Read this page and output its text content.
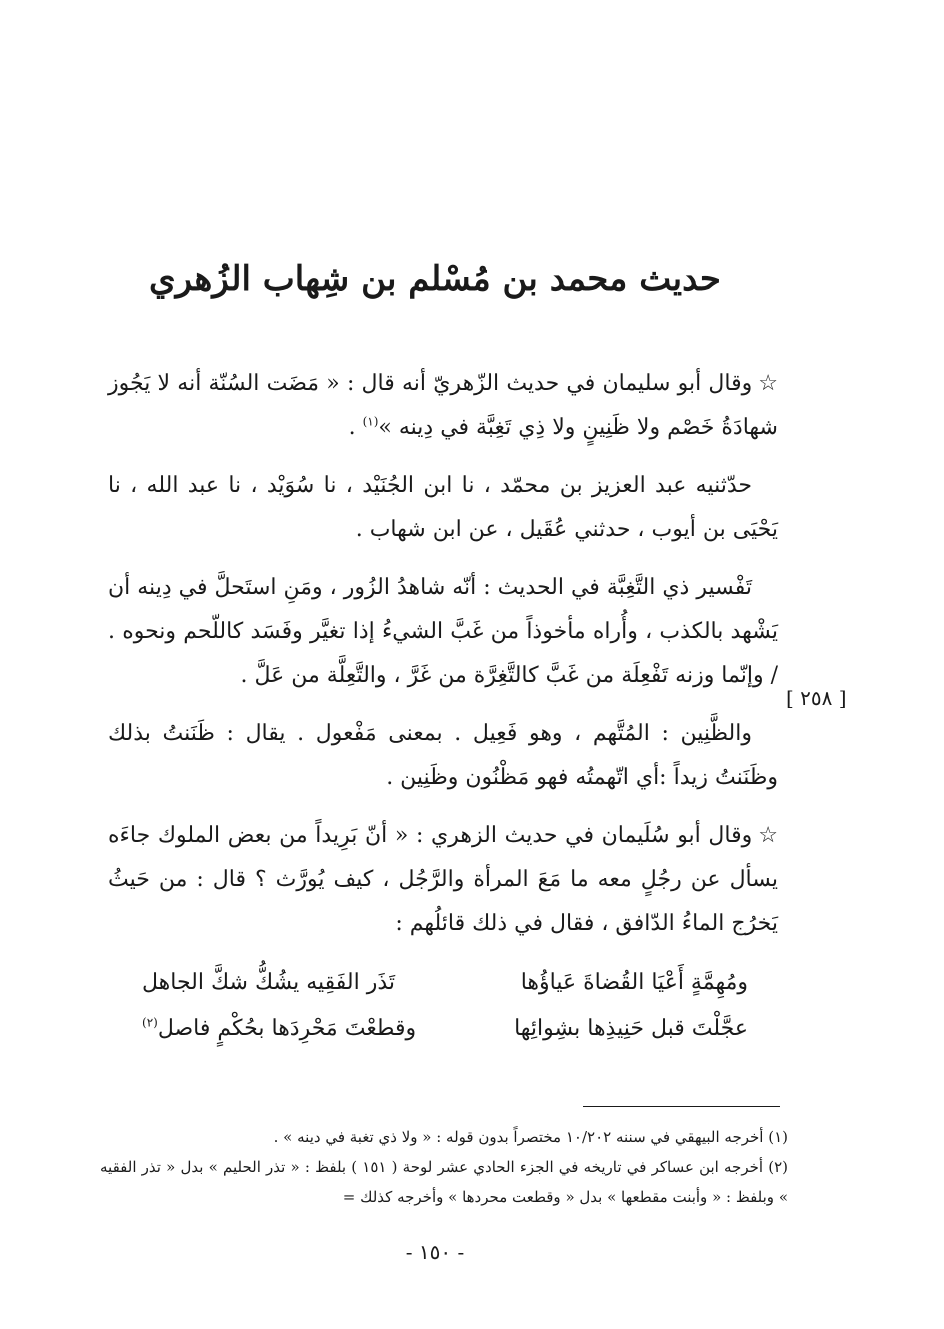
حديث محمد بن مُسْلم بن شِهاب الزُهري
[ ٢٥٨ ]

☆وقال أبو سليمان في حديث الزّهريّ أنه قال : « مَضَت السُنّة أنه لا يَجُوز شهادَةُ خَصْم ولا ظَنِينٍ ولا ذِي تَغِبَّة في دِينه »$^{(١)}$ .

حدّثنيه عبد العزيز بن محمّد ، نا ابن الجُنَيْد ، نا سُوَيْد ، نا عبد الله ، نا يَحْيَى بن أيوب ، حدثني عُقَيل ، عن ابن شهاب .

تَفْسير ذي التَّغِبَّة في الحديث : أنّه شاهدُ الزُور ، ومَنِ استَحلَّ في دِينه أن يَشْهد بالكذب ، وأُراه مأخوذاً من غَبَّ الشيءُ إذا تغيَّر وفَسَد كاللّحم ونحوه . / وإنّما وزنه تَفْعِلَة من غَبَّ كالتَّغِرَّة من غَرَّ ، والتَّعِلَّة من عَلَّ .

والظَّنِين : المُتَّهم ، وهو فَعِيل . بمعنى مَفْعول . يقال : ظَنَنتُ بذلك وظَنَنتُ زيداً :أي اتّهمتُه فهو مَظْنُون وظَنِين .

☆وقال أبو سُلَيمان في حديث الزهري : « أنّ بَرِيداً من بعض الملوك جاءَه يسأل عن رجُلٍ معه ما مَعَ المرأة والرَّجُل ، كيف يُورَّث ؟ قال : من حَيثُ يَخرُج الماءُ الدّافق ، فقال في ذلك قائلُهم :

ومُهِمَّةٍ أَعْيَا القُضاةَ عَياؤُها
تَذَر الفَقِيه يشُكُّ شكَّ الجاهل
عجَّلْتَ قبل حَنِيذِها بشِوائِها
وقطعْتَ مَحْرِدَها بحُكْمٍ فاصل$^{(٢)}$

(١) أخرجه البيهقي في سننه ١٠/٢٠٢ مختصراً بدون قوله : « ولا ذي تغبة في دينه » .

(٢) أخرجه ابن عساكر في تاريخه في الجزء الحادي عشر لوحة ( ١٥١ ) بلفظ : « تذر الحليم » بدل « تذر الفقيه » وبلفظ : « وأبنت مقطعها » بدل « وقطعت محردها » وأخرجه كذلك =

- ١٥٠ -
